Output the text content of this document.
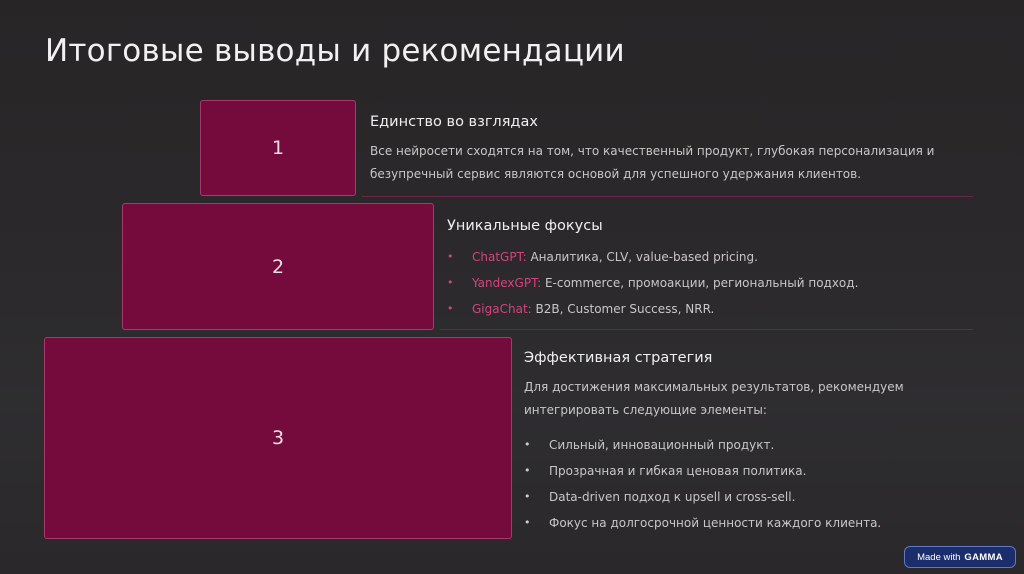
Итоговые выводы и рекомендации
1
2
3
Единство во взглядах
Все нейросети сходятся на том, что качественный продукт, глубокая персонализация и безупречный сервис являются основой для успешного удержания клиентов.
Уникальные фокусы
• ChatGPT: Аналитика, CLV, value-based pricing.
• YandexGPT: E-commerce, промоакции, региональный подход.
• GigaChat: B2B, Customer Success, NRR.
Эффективная стратегия
Для достижения максимальных результатов, рекомендуем интегрировать следующие элементы:
• Сильный, инновационный продукт.
• Прозрачная и гибкая ценовая политика.
• Data-driven подход к upsell и cross-sell.
• Фокус на долгосрочной ценности каждого клиента.
Made with GAMMA
